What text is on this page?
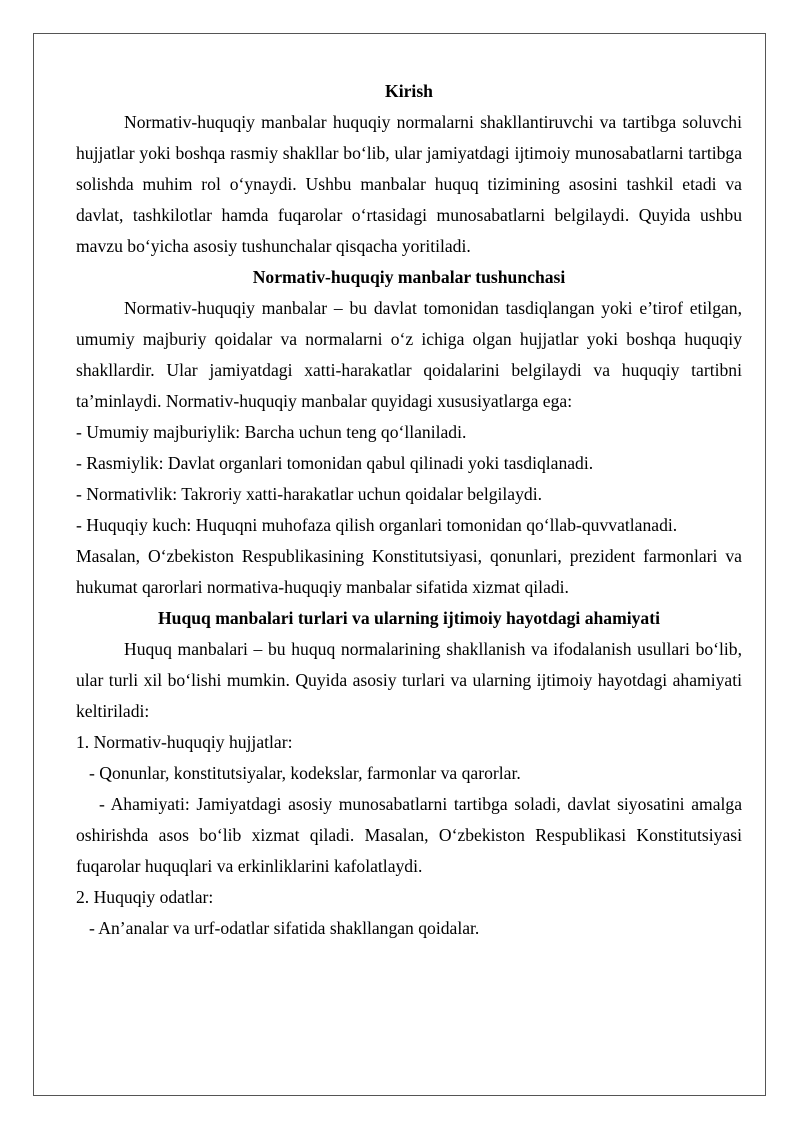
Kirish

Normativ-huquqiy manbalar huquqiy normalarni shakllantiruvchi va tartibga soluvchi hujjatlar yoki boshqa rasmiy shakllar bo‘lib, ular jamiyatdagi ijtimoiy munosabatlarni tartibga solishda muhim rol o‘ynaydi. Ushbu manbalar huquq tizimining asosini tashkil etadi va davlat, tashkilotlar hamda fuqarolar o‘rtasidagi munosabatlarni belgilaydi. Quyida ushbu mavzu bo‘yicha asosiy tushunchalar qisqacha yoritiladi.

Normativ-huquqiy manbalar tushunchasi

Normativ-huquqiy manbalar – bu davlat tomonidan tasdiqlangan yoki e’tirof etilgan, umumiy majburiy qoidalar va normalarni o‘z ichiga olgan hujjatlar yoki boshqa huquqiy shakllardir. Ular jamiyatdagi xatti-harakatlar qoidalarini belgilaydi va huquqiy tartibni ta’minlaydi. Normativ-huquqiy manbalar quyidagi xususiyatlarga ega:

- Umumiy majburiylik: Barcha uchun teng qo‘llaniladi.

- Rasmiylik: Davlat organlari tomonidan qabul qilinadi yoki tasdiqlanadi.

- Normativlik: Takroriy xatti-harakatlar uchun qoidalar belgilaydi.

- Huquqiy kuch: Huquqni muhofaza qilish organlari tomonidan qo‘llab-quvvatlanadi.

Masalan, O‘zbekiston Respublikasining Konstitutsiyasi, qonunlari, prezident farmonlari va hukumat qarorlari normativa-huquqiy manbalar sifatida xizmat qiladi.

Huquq manbalari turlari va ularning ijtimoiy hayotdagi ahamiyati

Huquq manbalari – bu huquq normalarining shakllanish va ifodalanish usullari bo‘lib, ular turli xil bo‘lishi mumkin. Quyida asosiy turlari va ularning ijtimoiy hayotdagi ahamiyati keltiriladi:

1. Normativ-huquqiy hujjatlar:

- Qonunlar, konstitutsiyalar, kodekslar, farmonlar va qarorlar.

- Ahamiyati: Jamiyatdagi asosiy munosabatlarni tartibga soladi, davlat siyosatini amalga oshirishda asos bo‘lib xizmat qiladi. Masalan, O‘zbekiston Respublikasi Konstitutsiyasi fuqarolar huquqlari va erkinliklarini kafolatlaydi.

2. Huquqiy odatlar:

- An’analar va urf-odatlar sifatida shakllangan qoidalar.
